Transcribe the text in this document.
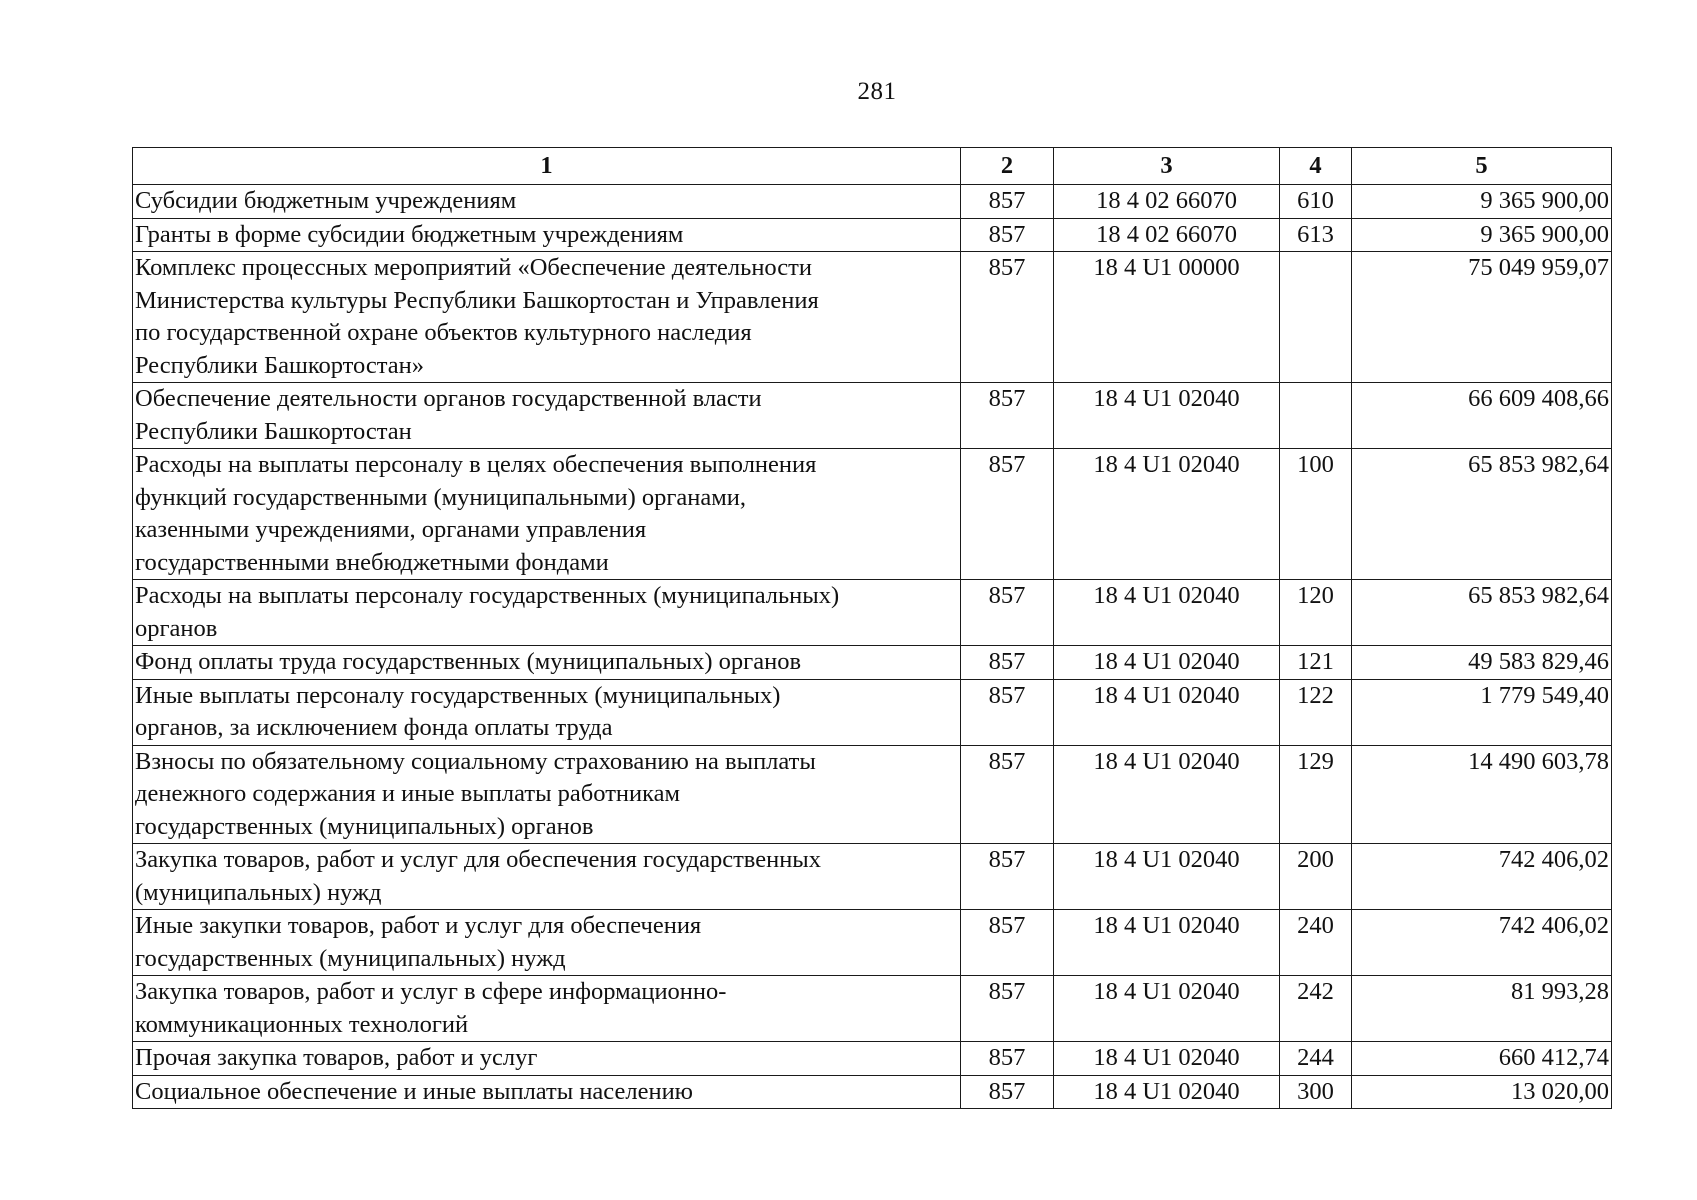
281
1	2	3	4	5

Субсидии бюджетным учреждениям	857	18 4 02 66070	610	9 365 900,00

Гранты в форме субсидии бюджетным учреждениям	857	18 4 02 66070	613	9 365 900,00

Комплекс процессных мероприятий «Обеспечение деятельности
Министерства культуры Республики Башкортостан и Управления
по государственной охране объектов культурного наследия
Республики Башкортостан»	857	18 4 U1 00000		75 049 959,07

Обеспечение деятельности органов государственной власти
Республики Башкортостан	857	18 4 U1 02040		66 609 408,66

Расходы на выплаты персоналу в целях обеспечения выполнения
функций государственными (муниципальными) органами,
казенными учреждениями, органами управления
государственными внебюджетными фондами	857	18 4 U1 02040	100	65 853 982,64

Расходы на выплаты персоналу государственных (муниципальных)
органов	857	18 4 U1 02040	120	65 853 982,64

Фонд оплаты труда государственных (муниципальных) органов	857	18 4 U1 02040	121	49 583 829,46

Иные выплаты персоналу государственных (муниципальных)
органов, за исключением фонда оплаты труда	857	18 4 U1 02040	122	1 779 549,40

Взносы по обязательному социальному страхованию на выплаты
денежного содержания и иные выплаты работникам
государственных (муниципальных) органов	857	18 4 U1 02040	129	14 490 603,78

Закупка товаров, работ и услуг для обеспечения государственных
(муниципальных) нужд	857	18 4 U1 02040	200	742 406,02

Иные закупки товаров, работ и услуг для обеспечения
государственных (муниципальных) нужд	857	18 4 U1 02040	240	742 406,02

Закупка товаров, работ и услуг в сфере информационно-
коммуникационных технологий	857	18 4 U1 02040	242	81 993,28

Прочая закупка товаров, работ и услуг	857	18 4 U1 02040	244	660 412,74

Социальное обеспечение и иные выплаты населению	857	18 4 U1 02040	300	13 020,00
